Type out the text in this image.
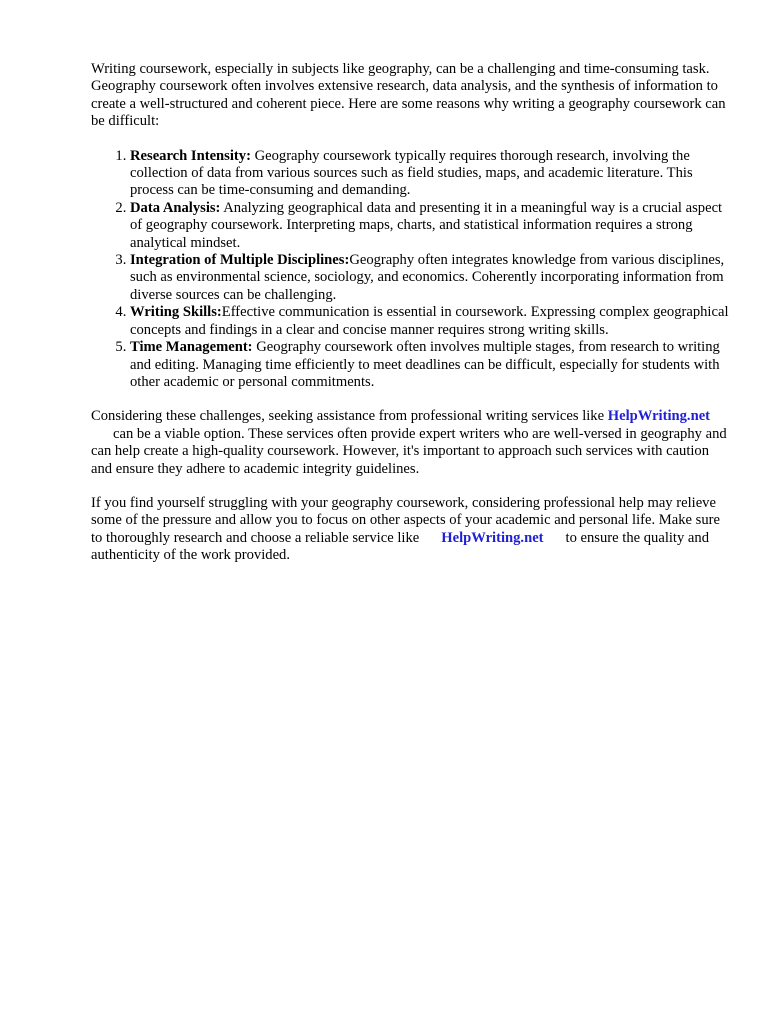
Writing coursework, especially in subjects like geography, can be a challenging and time-consuming task. Geography coursework often involves extensive research, data analysis, and the synthesis of information to create a well-structured and coherent piece. Here are some reasons why writing a geography coursework can be difficult:

1. Research Intensity: Geography coursework typically requires thorough research, involving the collection of data from various sources such as field studies, maps, and academic literature. This process can be time-consuming and demanding.
2. Data Analysis: Analyzing geographical data and presenting it in a meaningful way is a crucial aspect of geography coursework. Interpreting maps, charts, and statistical information requires a strong analytical mindset.
3. Integration of Multiple Disciplines:Geography often integrates knowledge from various disciplines, such as environmental science, sociology, and economics. Coherently incorporating information from diverse sources can be challenging.
4. Writing Skills:Effective communication is essential in coursework. Expressing complex geographical concepts and findings in a clear and concise manner requires strong writing skills.
5. Time Management: Geography coursework often involves multiple stages, from research to writing and editing. Managing time efficiently to meet deadlines can be difficult, especially for students with other academic or personal commitments.

Considering these challenges, seeking assistance from professional writing services like HelpWriting.netcan be a viable option. These services often provide expert writers who are well-versed in geography and can help create a high-quality coursework. However, it's important to approach such services with caution and ensure they adhere to academic integrity guidelines.

If you find yourself struggling with your geography coursework, considering professional help may relieve some of the pressure and allow you to focus on other aspects of your academic and personal life. Make sure to thoroughly research and choose a reliable service like HelpWriting.net to ensure the quality and authenticity of the work provided.
